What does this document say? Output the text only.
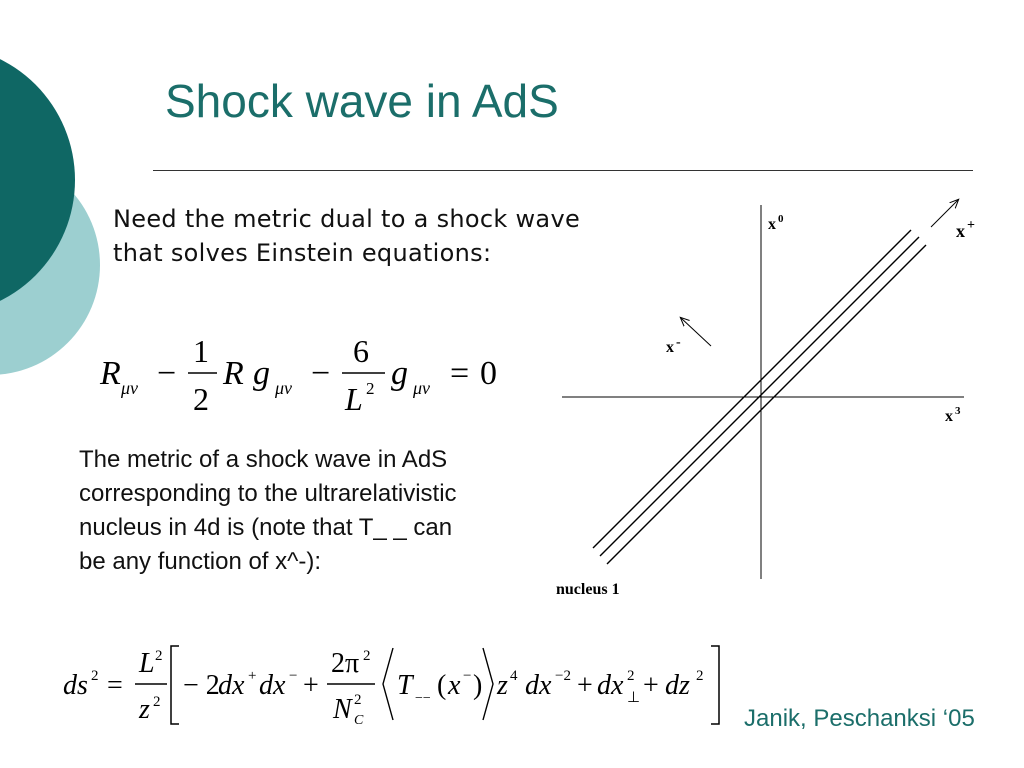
Shock wave in AdS
Need the metric dual to a shock wave that solves Einstein equations:
R μν −
1
2
R g μν −
6
L 2 g μν = 0
The metric of a shock wave in AdS corresponding to the ultrarelativistic nucleus in 4d is (note that T_ _ can be any function of x^-):
x 0
x +
x -
x 3
nucleus 1
ds 2 =
L 2
z 2
− 2
dx + dx − +
2π 2
N 2
C
T −− ( x − ) z 4 dx −2 + dx 2
⊥ + dz 2
Janik, Peschanksi ‘05
